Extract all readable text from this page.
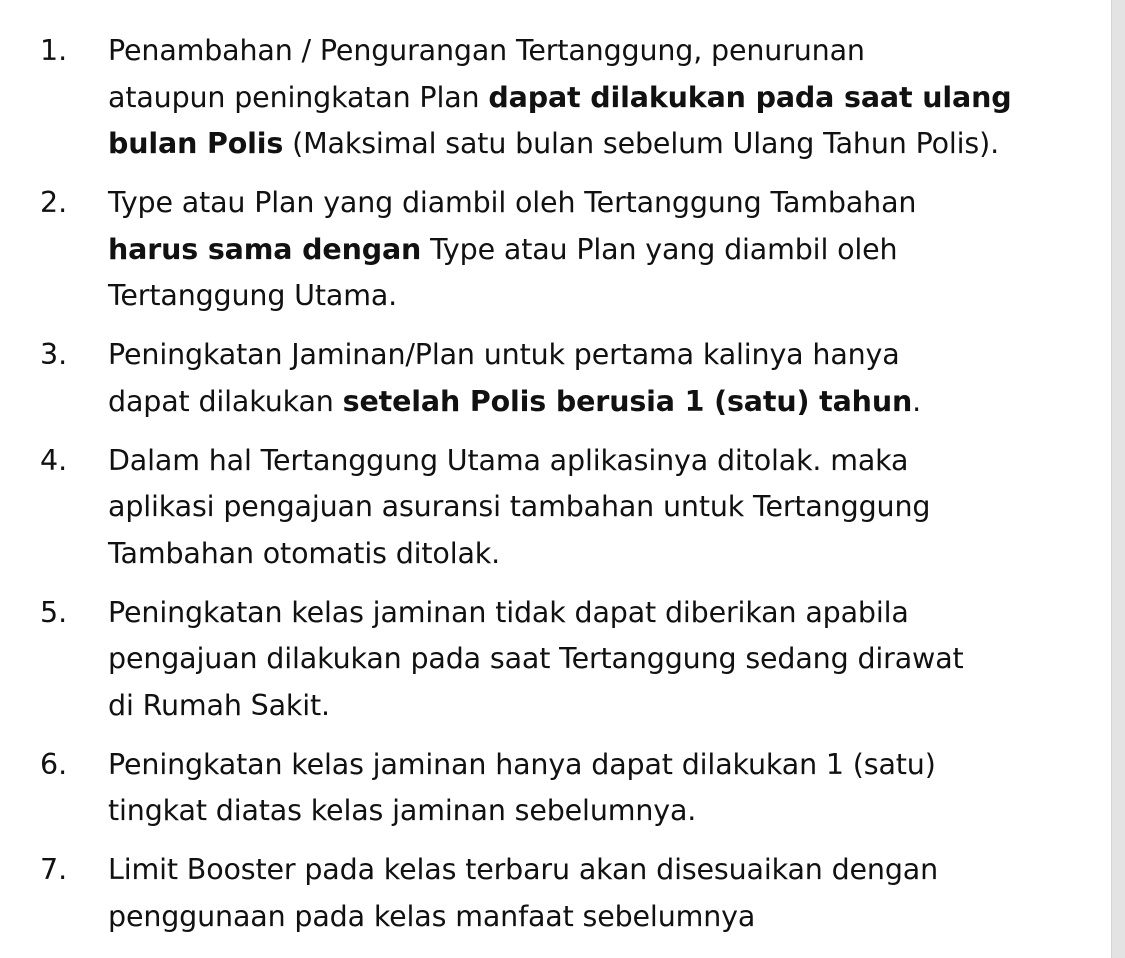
1.	Penambahan / Pengurangan Tertanggung, penurunan
ataupun peningkatan Plan dapat dilakukan pada saat ulang
bulan Polis (Maksimal satu bulan sebelum Ulang Tahun Polis).
2.	Type atau Plan yang diambil oleh Tertanggung Tambahan
harus sama dengan Type atau Plan yang diambil oleh
Tertanggung Utama.
3.	Peningkatan Jaminan/Plan untuk pertama kalinya hanya
dapat dilakukan setelah Polis berusia 1 (satu) tahun.
4.	Dalam hal Tertanggung Utama aplikasinya ditolak. maka
aplikasi pengajuan asuransi tambahan untuk Tertanggung
Tambahan otomatis ditolak.
5.	Peningkatan kelas jaminan tidak dapat diberikan apabila
pengajuan dilakukan pada saat Tertanggung sedang dirawat
di Rumah Sakit.
6.	Peningkatan kelas jaminan hanya dapat dilakukan 1 (satu)
tingkat diatas kelas jaminan sebelumnya.
7.	Limit Booster pada kelas terbaru akan disesuaikan dengan
penggunaan pada kelas manfaat sebelumnya
